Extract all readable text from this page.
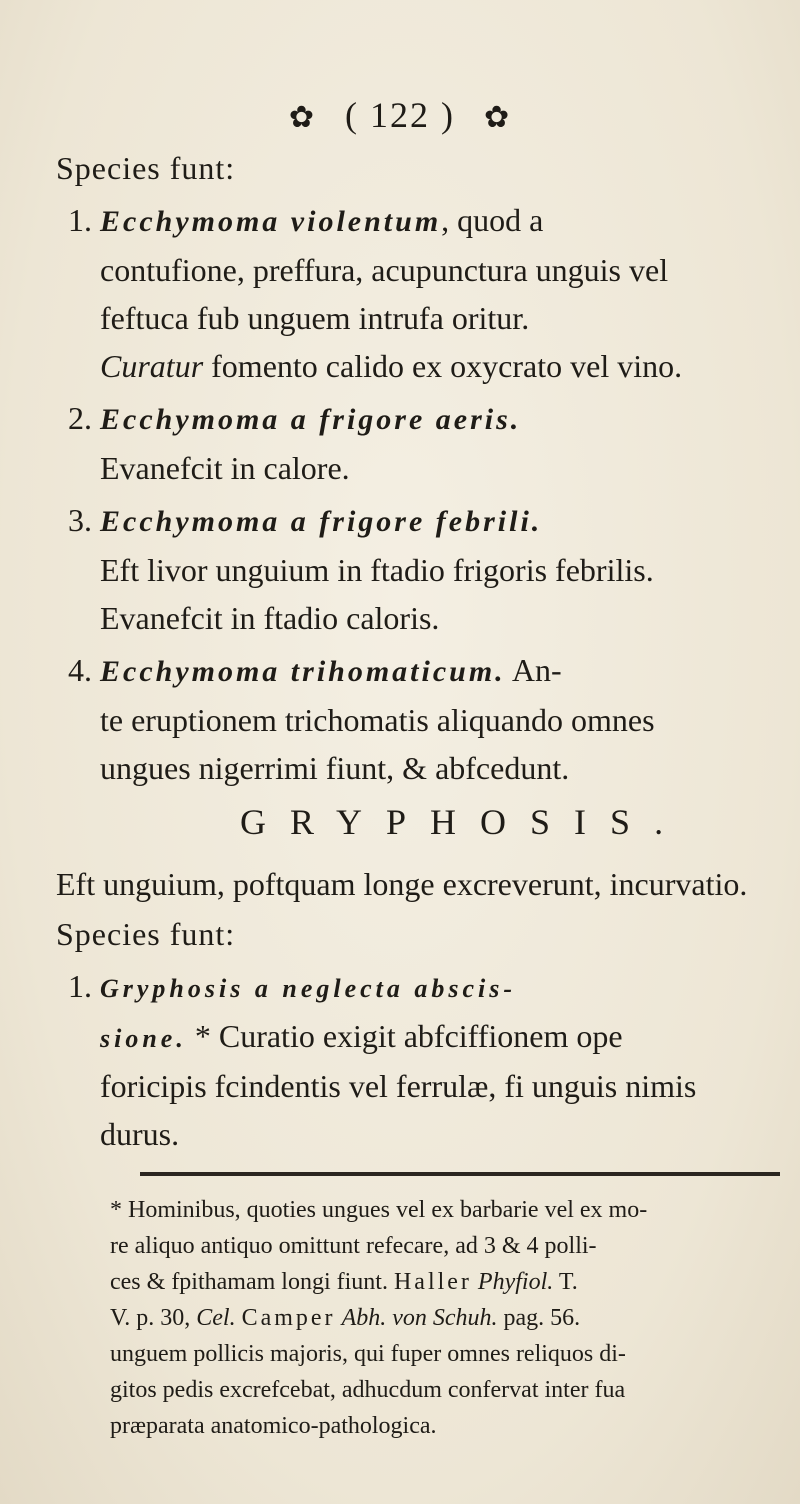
✿ ( 122 ) ✿
Species funt:
1. Ecchymoma violentum, quod a
contufione, preffura, acupunctura unguis vel
feftuca fub unguem intrufa oritur.
Curatur fomento calido ex oxycrato vel vino.
2. Ecchymoma a frigore aeris.
Evanefcit in calore.
3. Ecchymoma a frigore febrili.
Eft livor unguium in ftadio frigoris febrilis.
Evanefcit in ftadio caloris.
4. Ecchymoma trihomaticum. An-
te eruptionem trichomatis aliquando omnes
ungues nigerrimi fiunt, & abfcedunt.
GRYPHOSIS.
Eft unguium, poftquam longe excreverunt, incurvatio.
Species funt:
1. Gryphosis a neglecta abscis-
sione. * Curatio exigit abfciffionem ope
* Hominibus, quoties ungues vel ex barbarie vel ex mo-
re aliquo antiquo omittunt refecare, ad 3 & 4 polli-
ces & fpithamam longi fiunt. Haller Phyfiol. T.
V. p. 30, Cel. Camper Abh. von Schuh. pag. 56.
unguem pollicis majoris, qui fuper omnes reliquos di-
gitos pedis excrefcebat, adhucdum confervat inter fua
præparata anatomico-pathologica.
foricipis fcindentis vel ferrulæ, fi unguis nimis
durus.
